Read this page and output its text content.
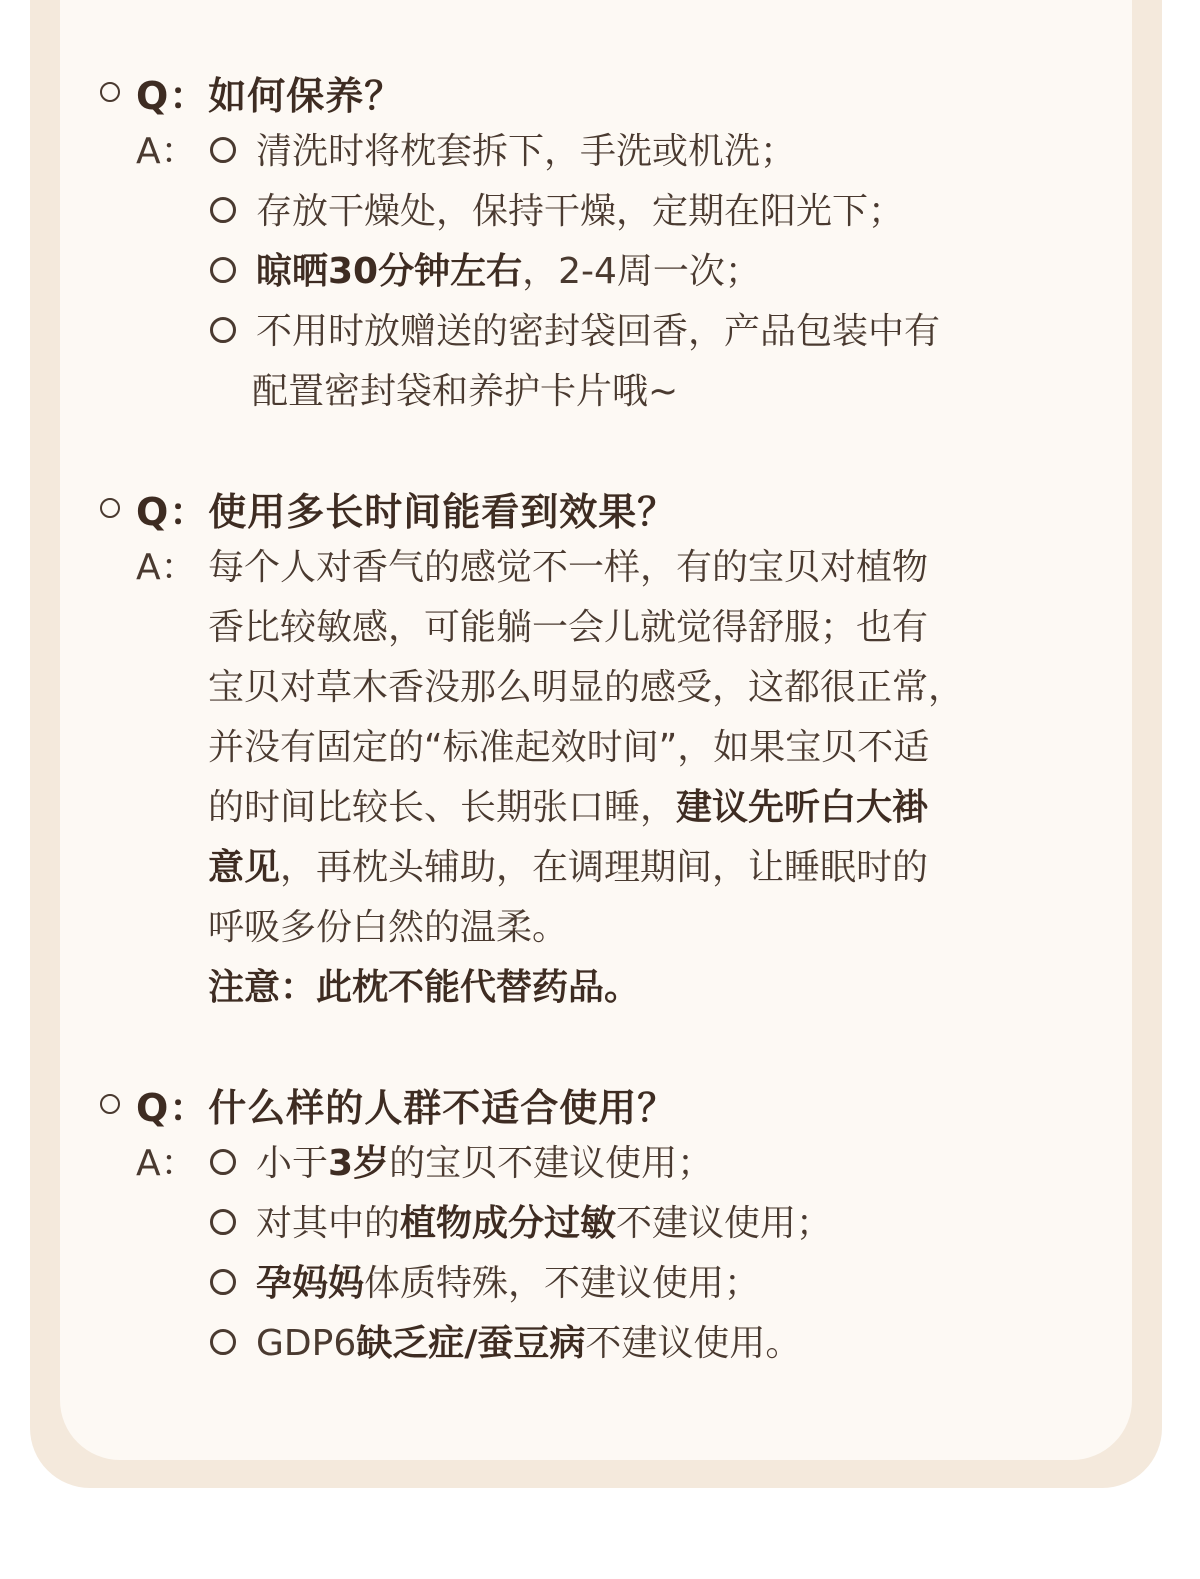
Q：如何保养？
A：	清洗时将枕套拆下，手洗或机洗；
存放干燥处，保持干燥，定期在阳光下；
晾晒30分钟左右，2-4周一次；
不用时放赠送的密封袋回香，产品包装中有
配置密封袋和养护卡片哦~
Q：使用多长时间能看到效果？
A： 每个人对香气的感觉不一样，有的宝贝对植物

香比较敏感，可能躺一会儿就觉得舒服；也有

宝贝对草木香没那么明显的感受，这都很正常，

并没有固定的“标准起效时间”，如果宝贝不适

的时间比较长、长期张口睡，建议先听白大褂

意见，再枕头辅助，在调理期间，让睡眠时的

呼吸多份白然的温柔。

注意：此枕不能代替药品。

Q：什么样的人群不适合使用？
A：	小于3岁的宝贝不建议使用；
对其中的植物成分过敏不建议使用；
孕妈妈体质特殊，不建议使用；
GDP6缺乏症/蚕豆病不建议使用。
